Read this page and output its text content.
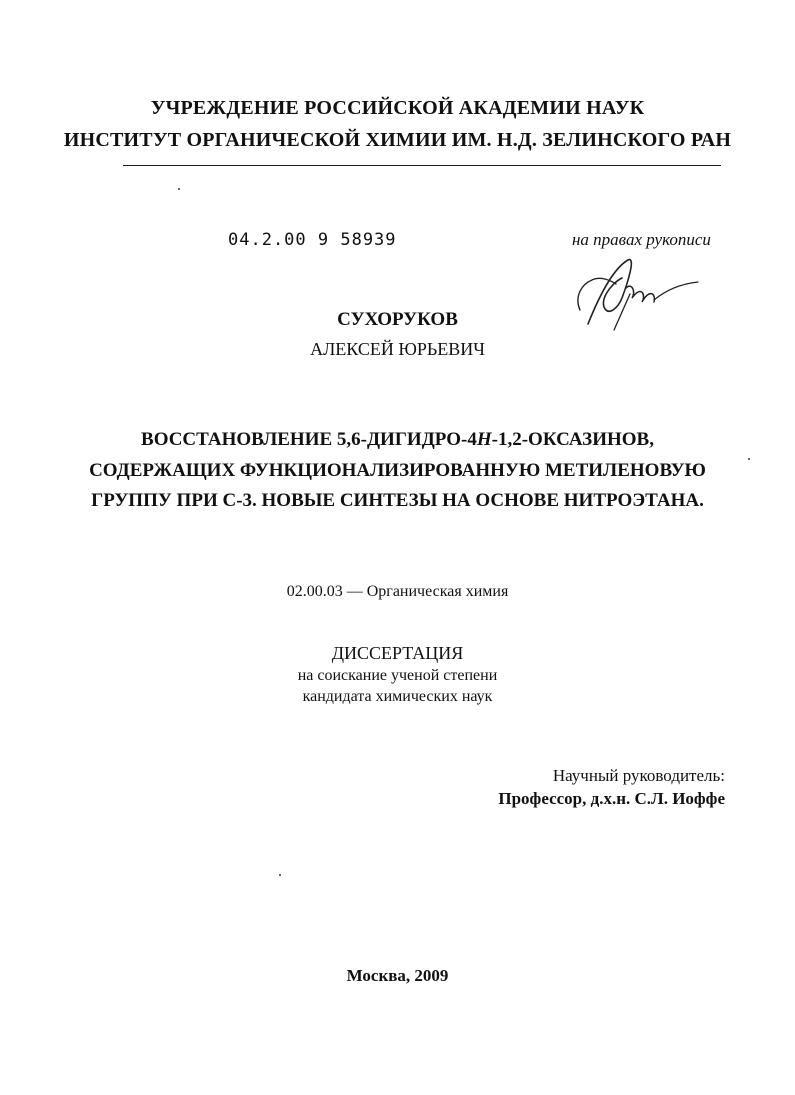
УЧРЕЖДЕНИЕ РОССИЙСКОЙ АКАДЕМИИ НАУК
ИНСТИТУТ ОРГАНИЧЕСКОЙ ХИМИИ ИМ. Н.Д. ЗЕЛИНСКОГО РАН
04.2.00 9 58939	на правах рукописи
СУХОРУКОВ
АЛЕКСЕЙ ЮРЬЕВИЧ
ВОССТАНОВЛЕНИЕ 5,6-ДИГИДРО-4H-1,2-ОКСАЗИНОВ,
СОДЕРЖАЩИХ ФУНКЦИОНАЛИЗИРОВАННУЮ МЕТИЛЕНОВУЮ
ГРУППУ ПРИ С-3. НОВЫЕ СИНТЕЗЫ НА ОСНОВЕ НИТРОЭТАНА.
02.00.03 — Органическая химия
ДИССЕРТАЦИЯ
на соискание ученой степени
кандидата химических наук
Научный руководитель:
Профессор, д.х.н. С.Л. Иоффе
Москва, 2009
